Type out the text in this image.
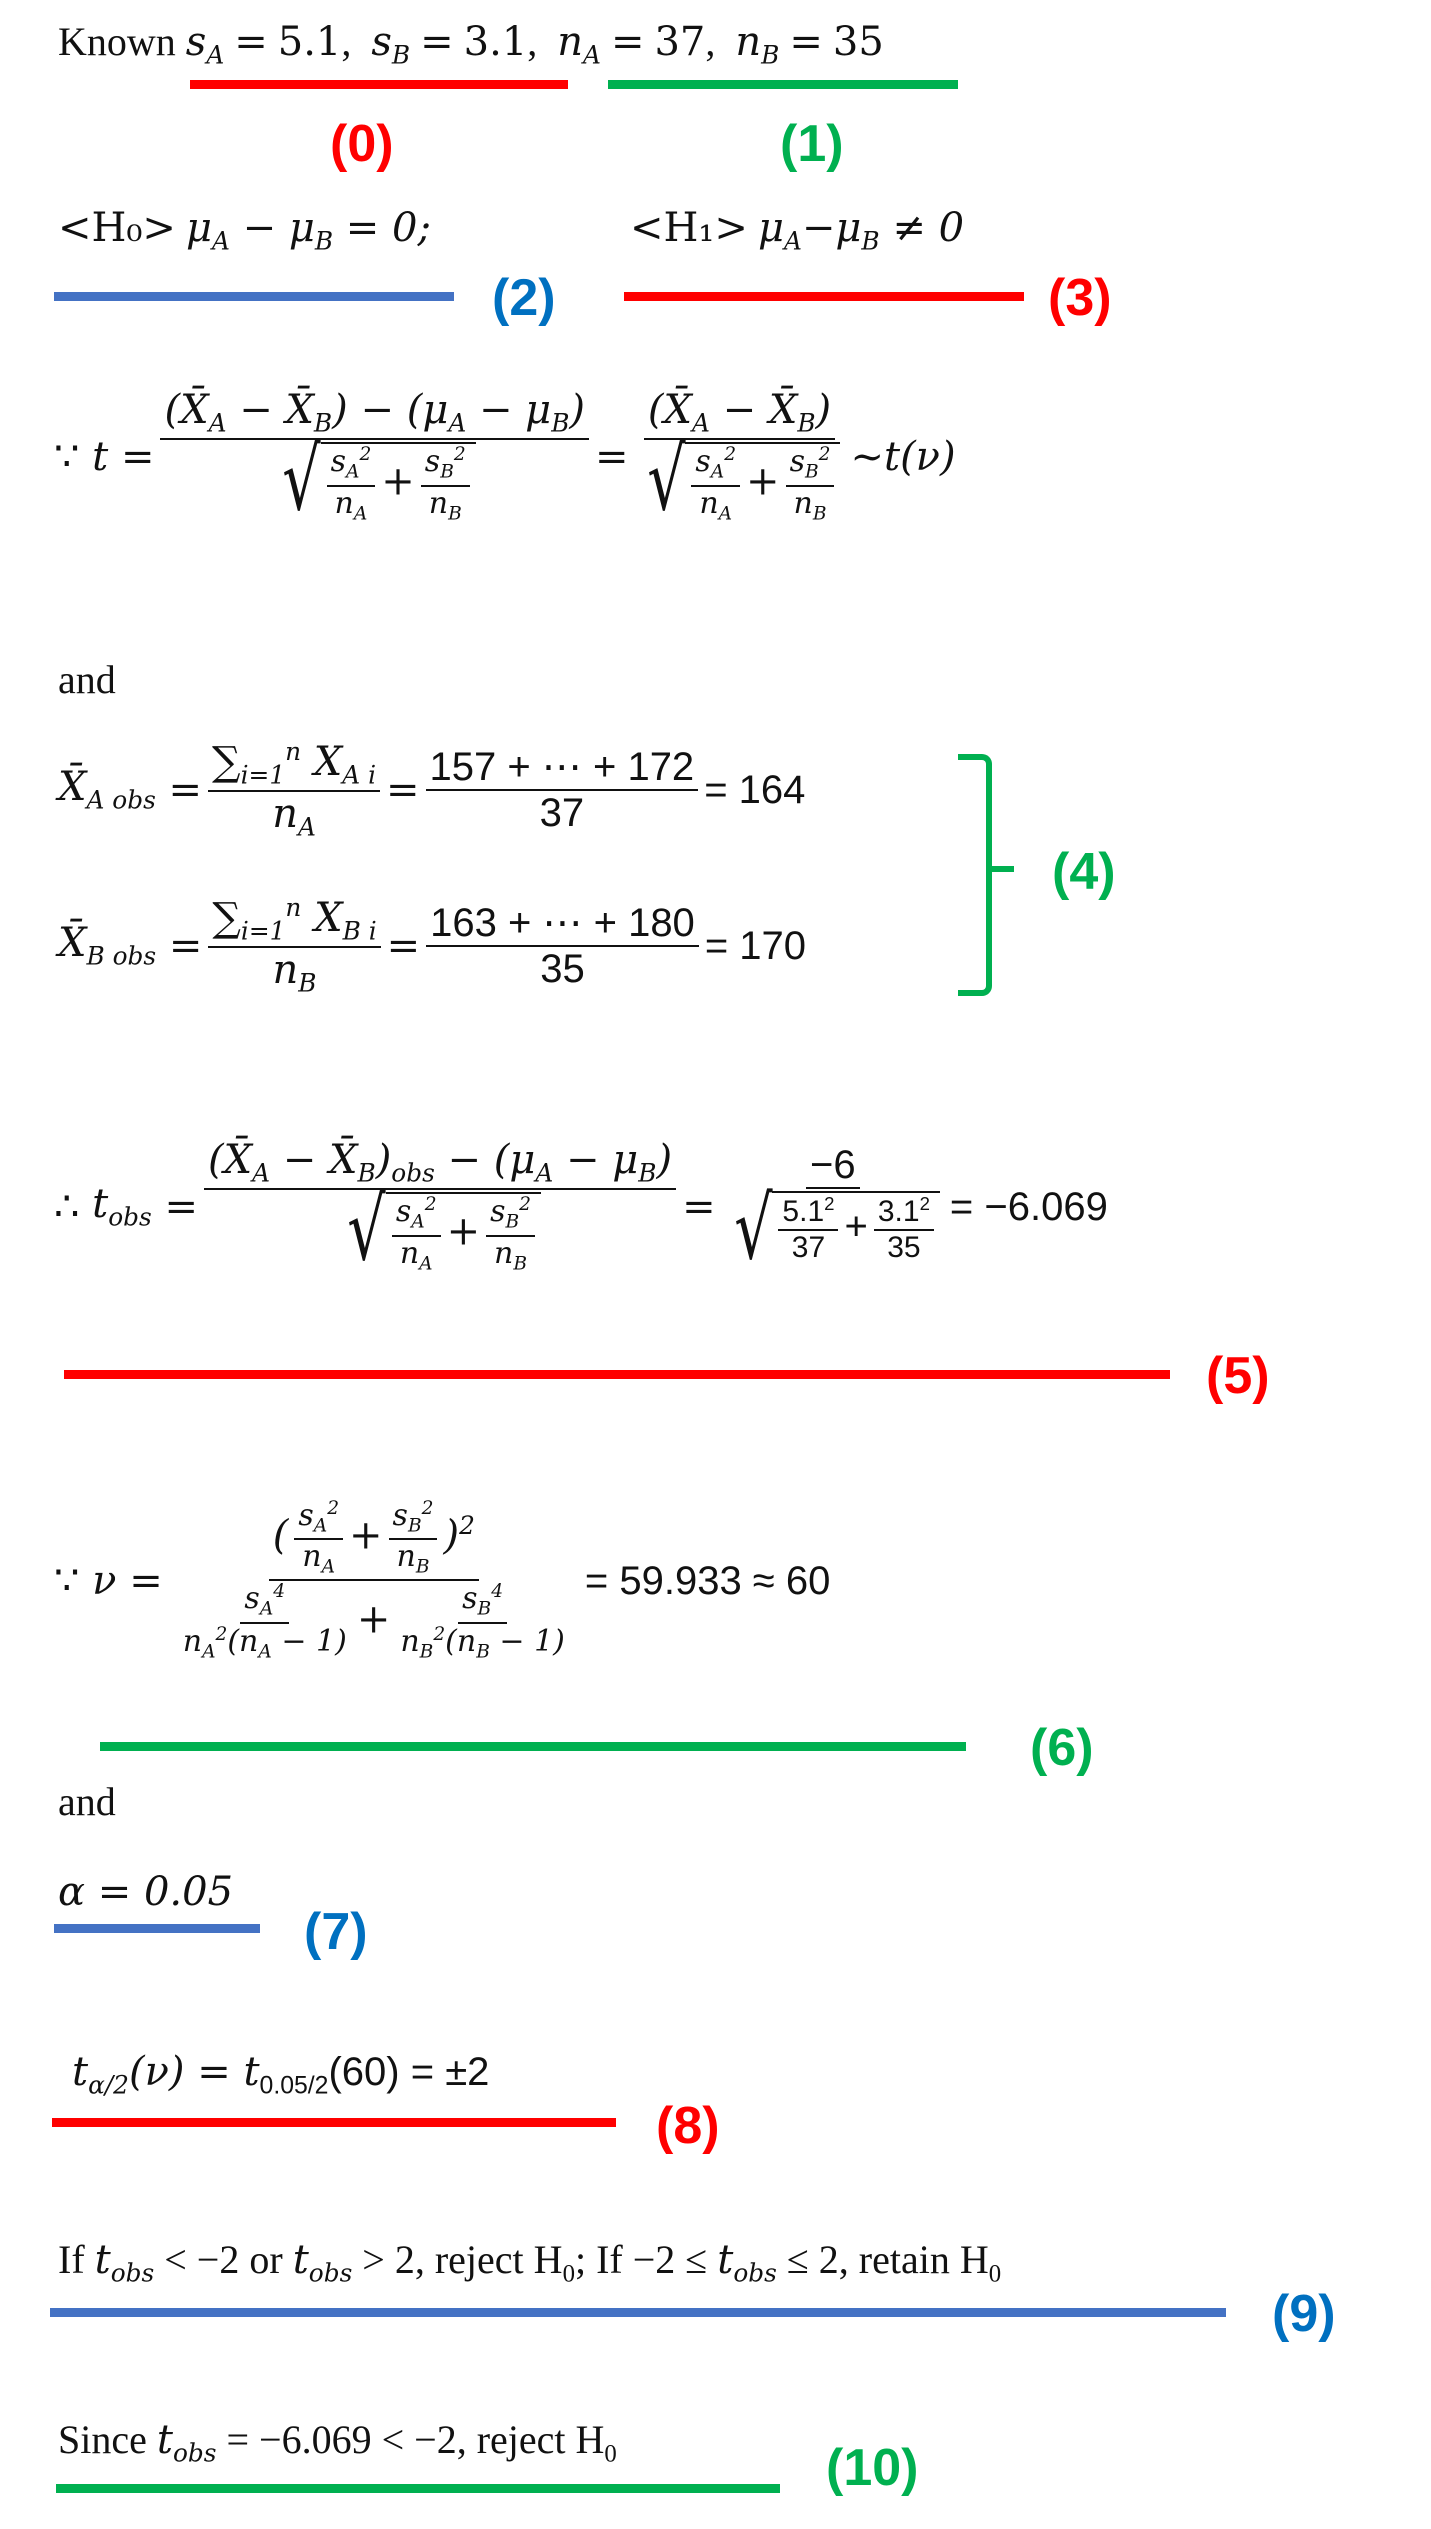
Known $s_A = 5.1$,  $s_B = 3.1$,  $n_A = 37$,  $n_B = 35$
(0)	(1)
$<H_0> \mu_A - \mu_B = 0$;
(2)
$<H_1> \mu_A-\mu_B \ne 0$
(3)
∵ $t = \frac{(X̄_A - X̄_B) - (\mu_A - \mu_B)}{√ \frac{s_A^2}{n_A} + \frac{s_B^2}{n_B}} = \frac{(X̄_A - X̄_B)}{√ \frac{s_A^2}{n_A} + \frac{s_B^2}{n_B}}$ ~t(ν)
and
$X̄_{A obs} = \frac{\sum_{i=1}^n X_{A i}}{n_A} = \frac{157 + \cdots + 172}{37} = 164$
$X̄_{B obs} = \frac{\sum_{i=1}^n X_{B i}}{n_B} = \frac{163 + \cdots + 180}{35} = 170$
(4)
∴ $t_{obs} = \frac{(X̄_A - X̄_B)_{obs} - (\mu_A - \mu_B)}{√ \frac{s_A^2}{n_A} + \frac{s_B^2}{n_B}} = \frac{-6}{√ \frac{5.1^2}{37} + \frac{3.1^2}{35}} = -6.069$
(5)
∵ $\nu = \frac{( \frac{s_A^2}{n_A} + \frac{s_B^2}{n_B} )^2}{\frac{s_A^4}{n_A^2(n_A - 1)} + \frac{s_B^4}{n_B^2(n_B - 1)}} = 59.933 \approx 60$
(6)
and
α = 0.05
(7)
$t_{\alpha/2}(\nu) = t_{0.05/2}(60) = \pm 2$
(8)
If $t_{obs} < -2$ or $t_{obs} > 2$, reject $H_0$; $If -2 \le t_{obs} \le 2$, retain $H_0$
(9)
Since $t_{obs} = -6.069 < -2$, reject $H_0$	(10)
